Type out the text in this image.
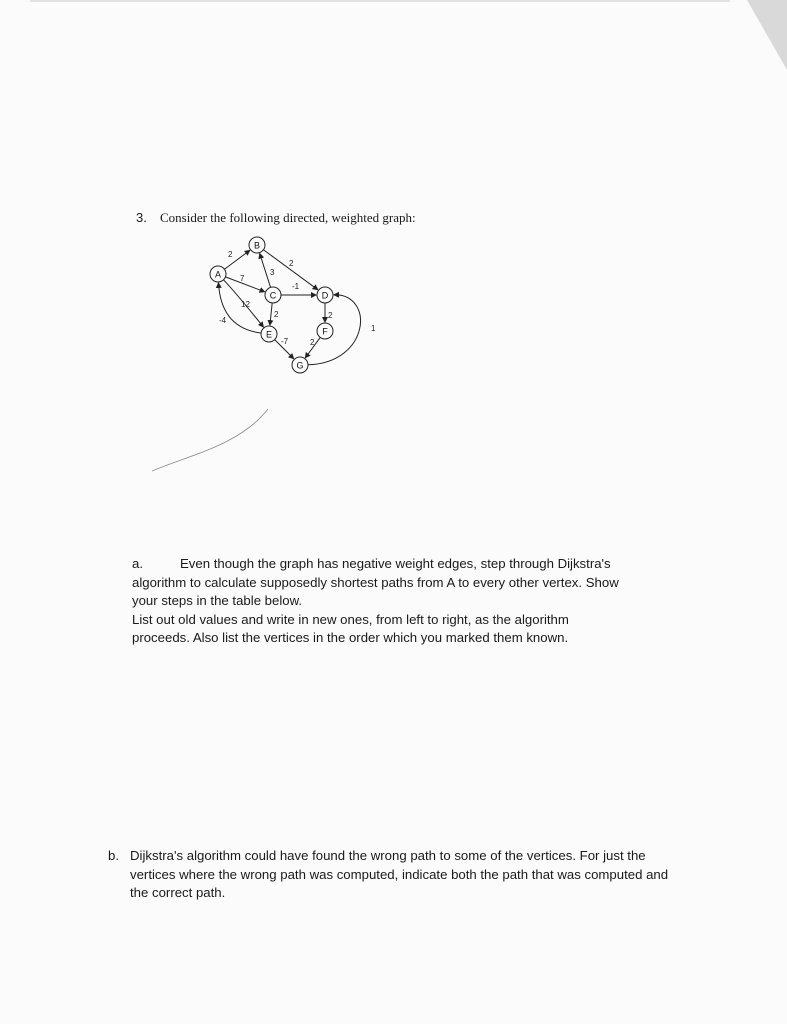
3. Consider the following directed, weighted graph:
A
B
C	D
E	F
G
2
7
3
2
-1
2
12
-4
2
-7	2
1
a.	Even though the graph has negative weight edges, step through Dijkstra's
algorithm to calculate supposedly shortest paths from A to every other vertex. Show
your steps in the table below.
List out old values and write in new ones, from left to right, as the algorithm
proceeds. Also list the vertices in the order which you marked them known.
b. Dijkstra's algorithm could have found the wrong path to some of the vertices. For just the
vertices where the wrong path was computed, indicate both the path that was computed and
the correct path.
